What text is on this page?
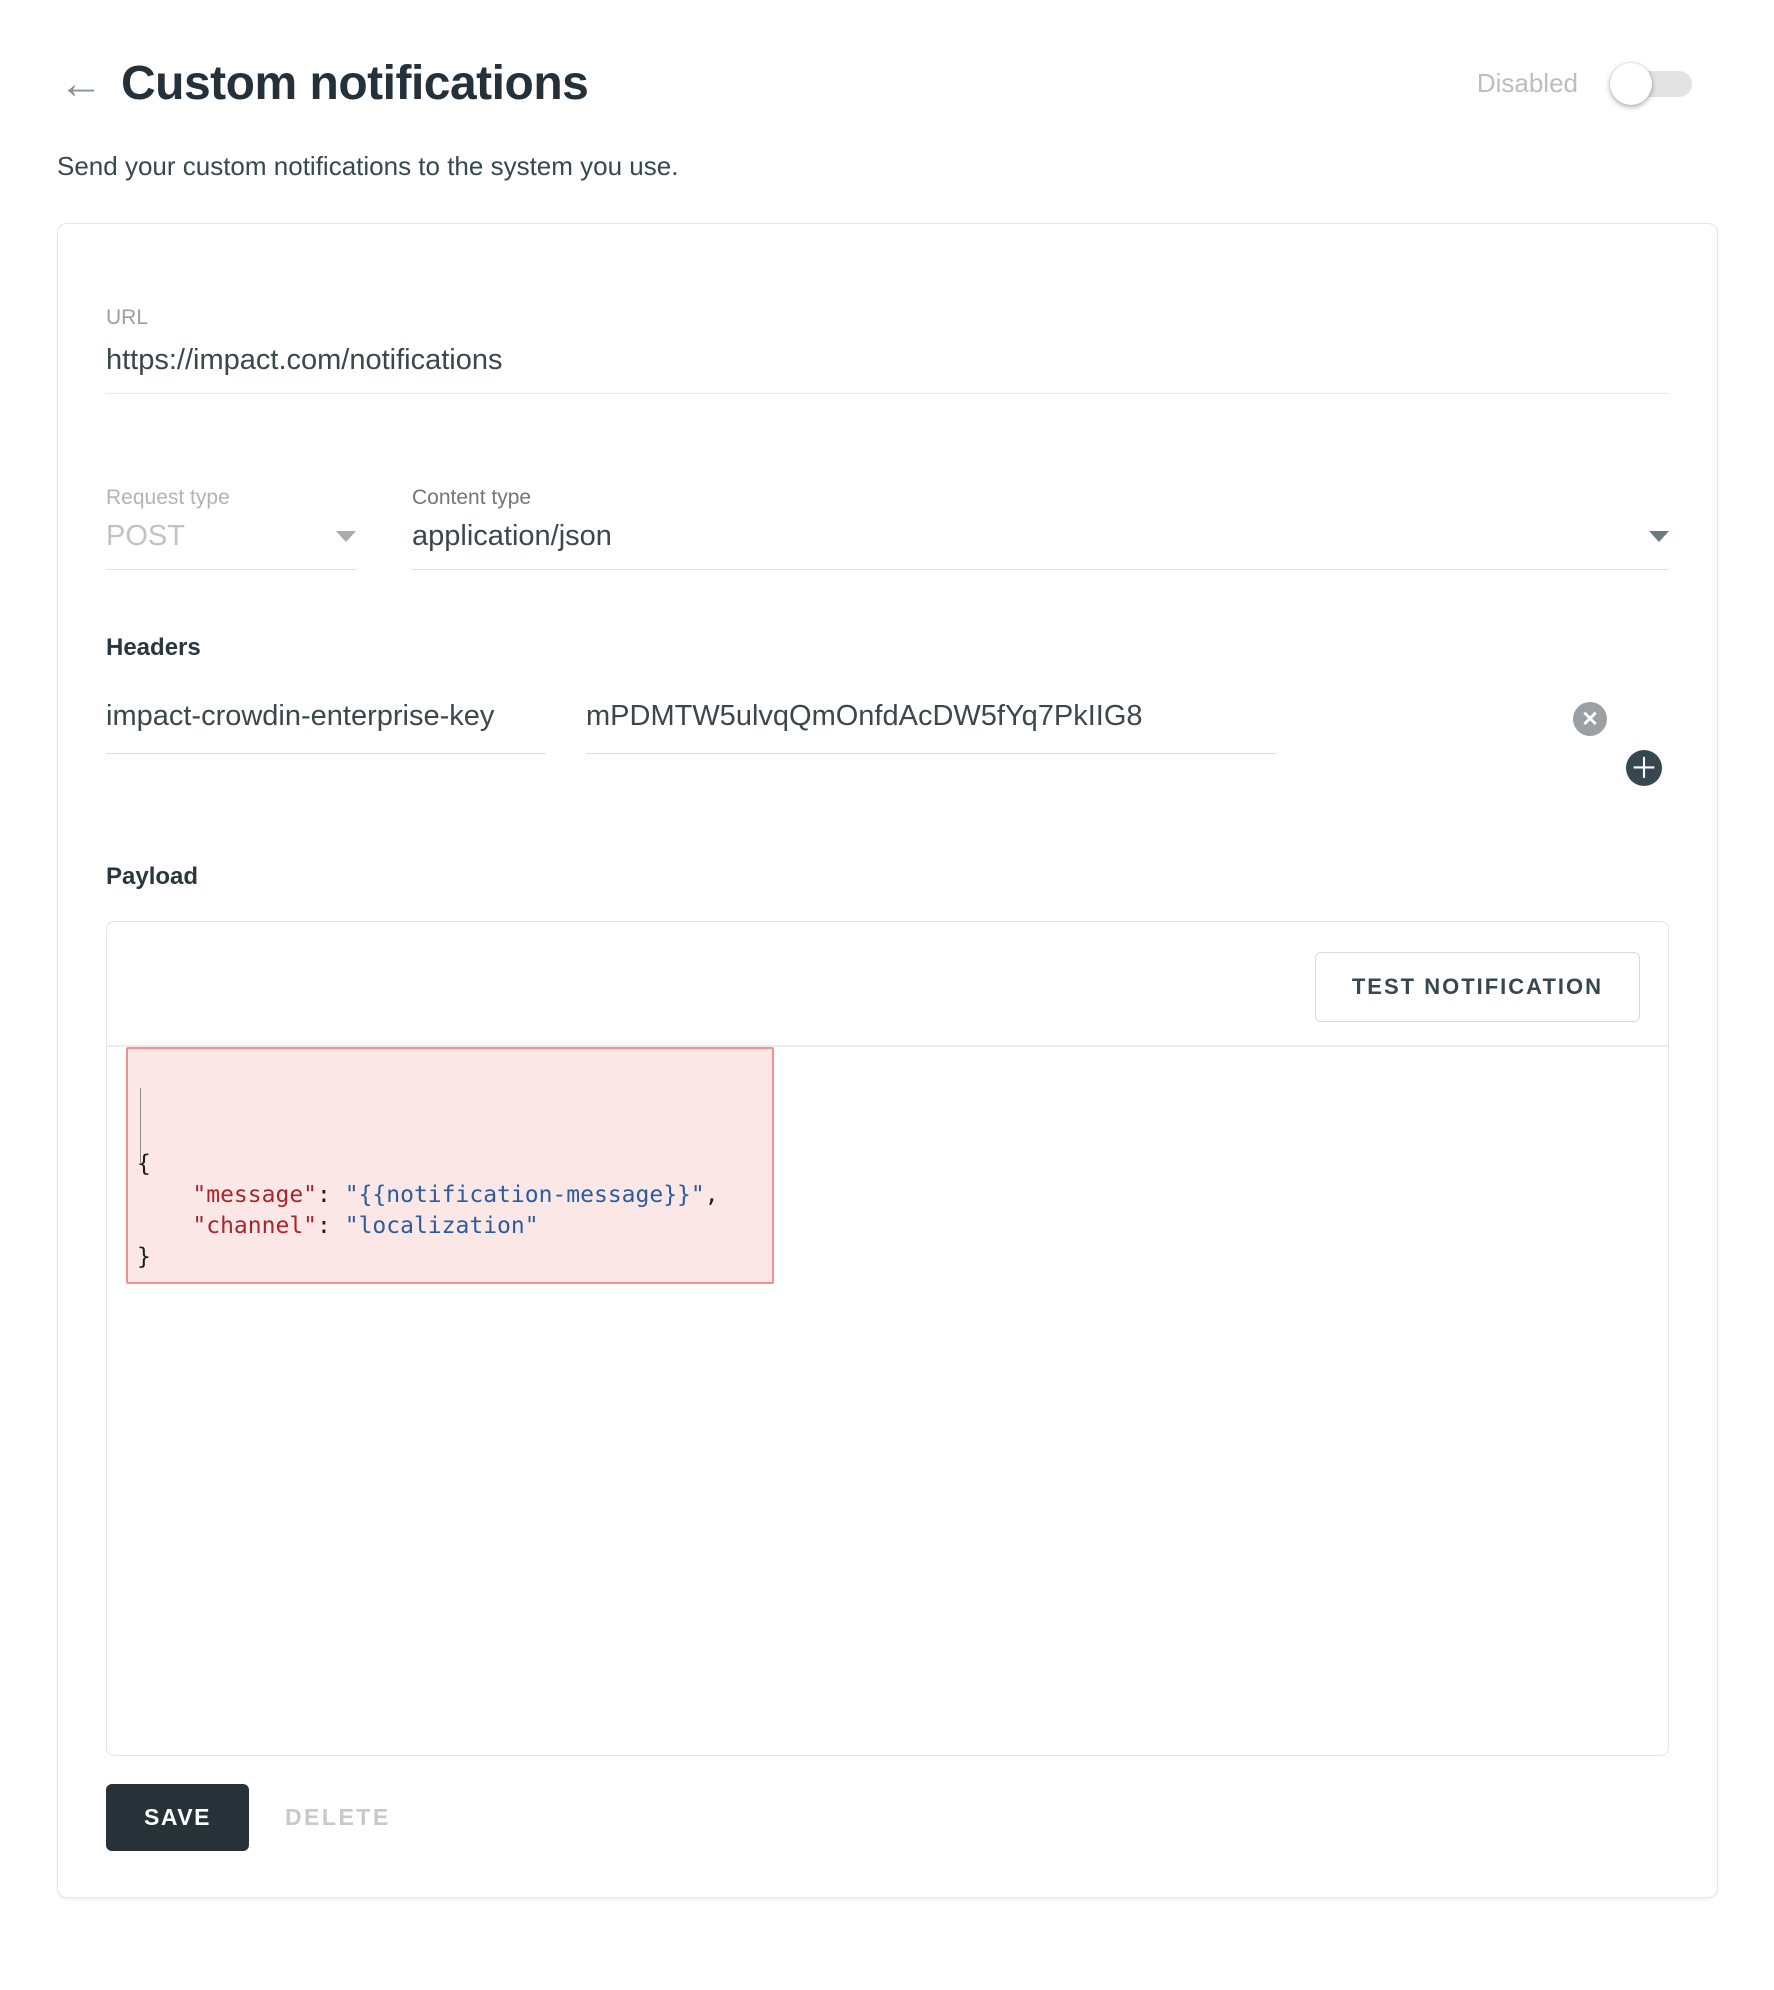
← Custom notifications	Disabled

Send your custom notifications to the system you use.

URL
https://impact.com/notifications
Request type
POST
Content type
application/json
Headers
impact-crowdin-enterprise-key	mPDMTW5ulvqQmOnfdAcDW5fYq7PkIIG8	✕
＋
Payload
TEST NOTIFICATION

{
"message": "{{notification-message}}",
"channel": "localization"
}
SAVE	DELETE
